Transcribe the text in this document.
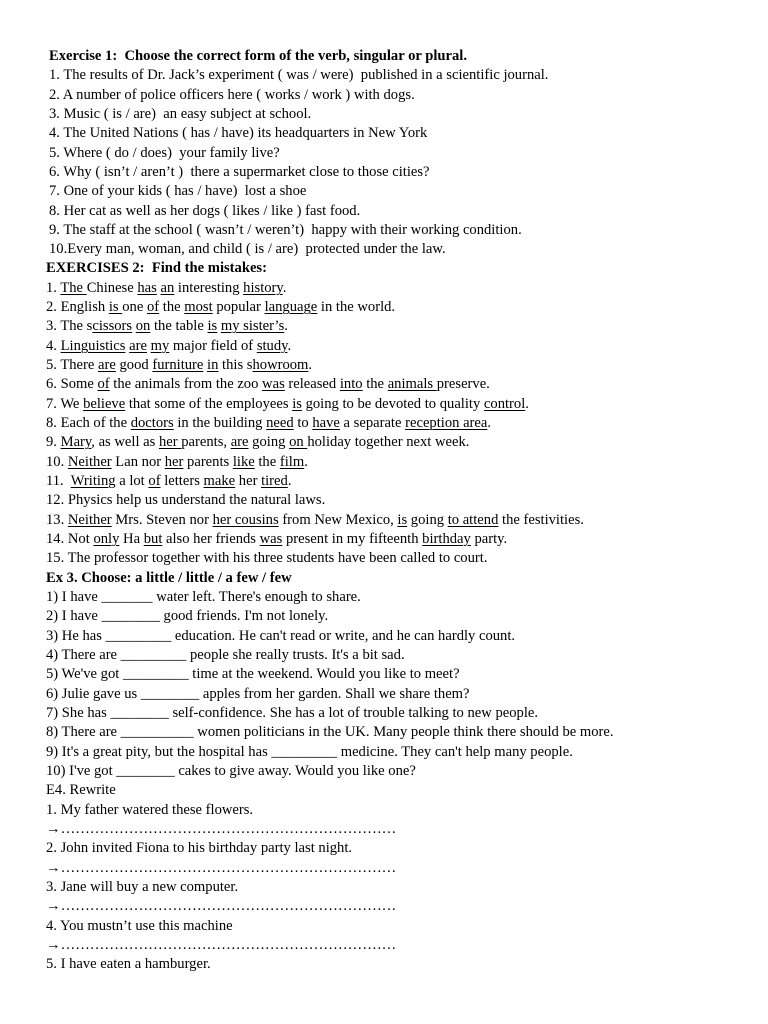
Exercise 1:  Choose the correct form of the verb, singular or plural.
1. The results of Dr. Jack’s experiment ( was / were)  published in a scientific journal.
2. A number of police officers here ( works / work ) with dogs.
3. Music ( is / are)  an easy subject at school.
4. The United Nations ( has / have) its headquarters in New York
5. Where ( do / does)  your family live?
6. Why ( isn’t / aren’t )  there a supermarket close to those cities?
7. One of your kids ( has / have)  lost a shoe
8. Her cat as well as her dogs ( likes / like ) fast food.
9. The staff at the school ( wasn’t / weren’t)  happy with their working condition.
10.Every man, woman, and child ( is / are)  protected under the law.
EXERCISES 2:  Find the mistakes:
1. The Chinese has an interesting history.
2. English is one of the most popular language in the world.
3. The scissors on the table is my sister’s.
4. Linguistics are my major field of study.
5. There are good furniture in this showroom.
6. Some of the animals from the zoo was released into the animals preserve.
7. We believe that some of the employees is going to be devoted to quality control.
8. Each of the doctors in the building need to have a separate reception area.
9. Mary, as well as her parents, are going on holiday together next week.
10. Neither Lan nor her parents like the film.
11.  Writing a lot of letters make her tired.
12. Physics help us understand the natural laws.
13. Neither Mrs. Steven nor her cousins from New Mexico, is going to attend the festivities.
14. Not only Ha but also her friends was present in my fifteenth birthday party.
15. The professor together with his three students have been called to court.
Ex 3. Choose: a little / little / a few / few
1) I have _______ water left. There's enough to share.
2) I have ________ good friends. I'm not lonely.
3) He has _________ education. He can't read or write, and he can hardly count.
4) There are _________ people she really trusts. It's a bit sad.
5) We've got _________ time at the weekend. Would you like to meet?
6) Julie gave us ________ apples from her garden. Shall we share them?
7) She has ________ self-confidence. She has a lot of trouble talking to new people.
8) There are __________ women politicians in the UK. Many people think there should be more.
9) It's a great pity, but the hospital has _________ medicine. They can't help many people.
10) I've got ________ cakes to give away. Would you like one?
E4. Rewrite
1. My father watered these flowers.
→……………………………………………………………
2. John invited Fiona to his birthday party last night.
→……………………………………………………………
3. Jane will buy a new computer.
→……………………………………………………………
4. You mustn’t use this machine
→……………………………………………………………
5. I have eaten a hamburger.
